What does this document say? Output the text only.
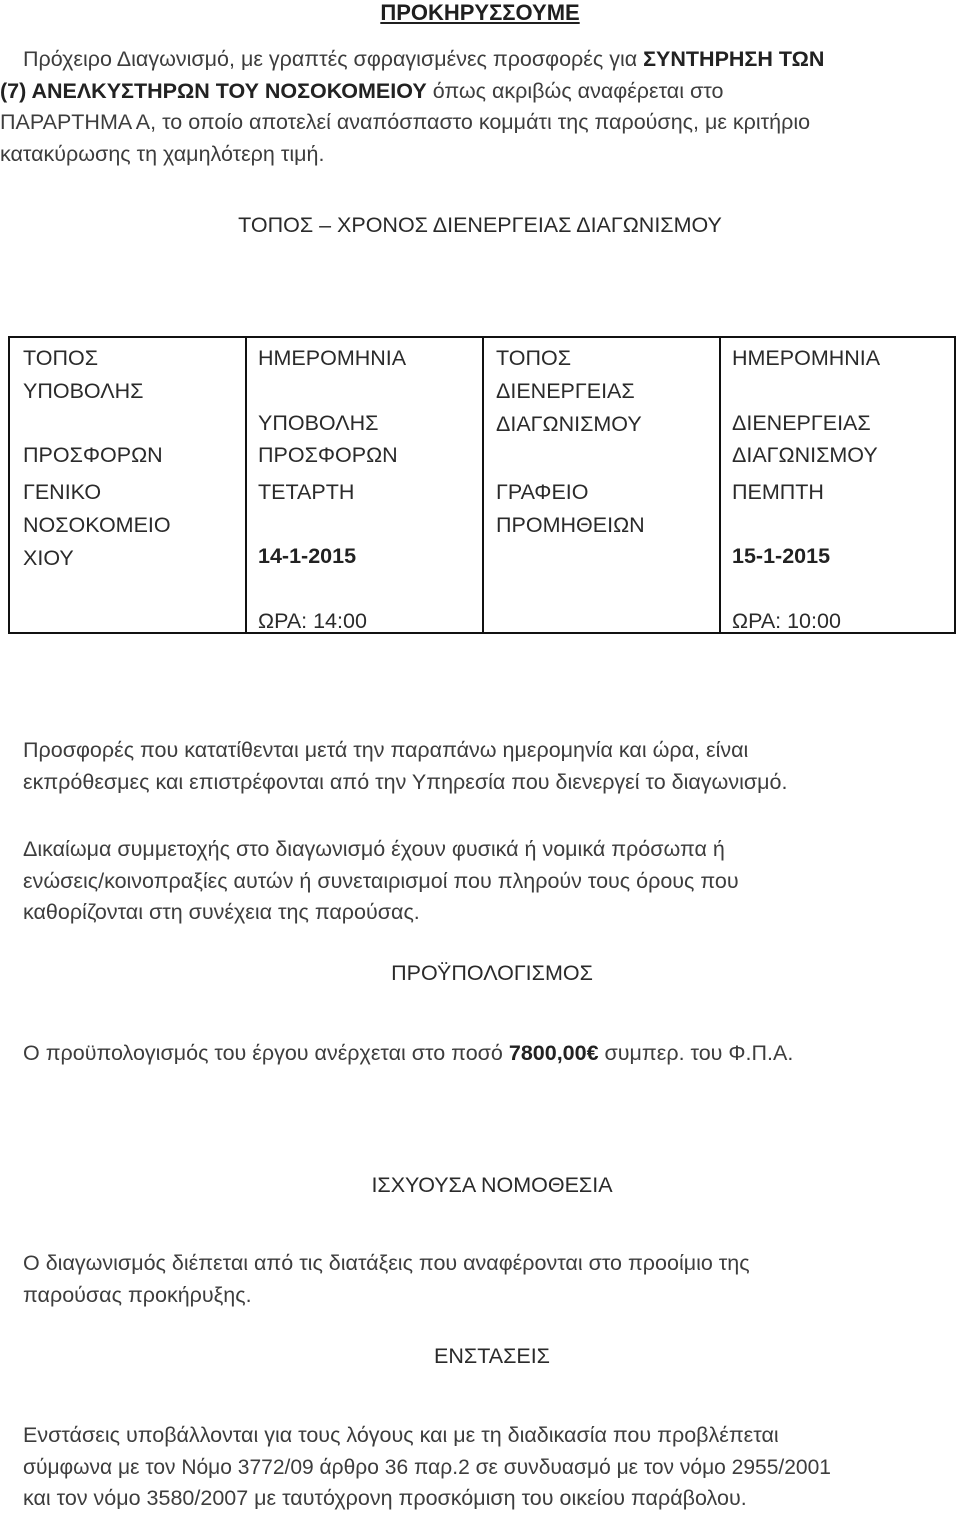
ΠΡΟΚΗΡΥΣΣΟΥΜΕ

Πρόχειρο Διαγωνισμό, με γραπτές σφραγισμένες προσφορές για ΣΥΝΤΗΡΗΣΗ ΤΩΝ
(7) ΑΝΕΛΚΥΣΤΗΡΩΝ ΤΟΥ ΝΟΣΟΚΟΜΕΙΟΥ όπως ακριβώς αναφέρεται στο
ΠΑΡΑΡΤΗΜΑ Α, το οποίο αποτελεί αναπόσπαστο κομμάτι της παρούσης, με κριτήριο
κατακύρωσης τη χαμηλότερη τιμή.

ΤΟΠΟΣ – ΧΡΟΝΟΣ ΔΙΕΝΕΡΓΕΙΑΣ ΔΙΑΓΩΝΙΣΜΟΥ

ΤΟΠΟΣ
ΥΠΟΒΟΛΗΣ
ΠΡΟΣΦΟΡΩΝ
ΓΕΝΙΚΟ
ΝΟΣΟΚΟΜΕΙΟ
ΧΙΟΥ
ΗΜΕΡΟΜΗΝΙΑ
ΥΠΟΒΟΛΗΣ
ΠΡΟΣΦΟΡΩΝ
ΤΕΤΑΡΤΗ
14-1-2015
ΩΡΑ: 14:00
ΤΟΠΟΣ
ΔΙΕΝΕΡΓΕΙΑΣ
ΔΙΑΓΩΝΙΣΜΟΥ
ΓΡΑΦΕΙΟ
ΠΡΟΜΗΘΕΙΩΝ
ΗΜΕΡΟΜΗΝΙΑ
ΔΙΕΝΕΡΓΕΙΑΣ
ΔΙΑΓΩΝΙΣΜΟΥ
ΠΕΜΠΤΗ
15-1-2015
ΩΡΑ: 10:00
Προσφορές που κατατίθενται μετά την παραπάνω ημερομηνία και ώρα, είναι
εκπρόθεσμες και επιστρέφονται από την Υπηρεσία που διενεργεί το διαγωνισμό.
Δικαίωμα συμμετοχής στο διαγωνισμό έχουν φυσικά ή νομικά πρόσωπα ή
ενώσεις/κοινοπραξίες αυτών ή συνεταιρισμοί που πληρούν τους όρους που
καθορίζονται στη συνέχεια της παρούσας.

ΠΡΟΫΠΟΛΟΓΙΣΜΟΣ

Ο προϋπολογισμός του έργου ανέρχεται στο ποσό 7800,00€ συμπερ. του Φ.Π.Α.

ΙΣΧΥΟΥΣΑ ΝΟΜΟΘΕΣΙΑ

Ο διαγωνισμός διέπεται από τις διατάξεις που αναφέρονται στο προοίμιο της
παρούσας προκήρυξης.

ΕΝΣΤΑΣΕΙΣ

Ενστάσεις υποβάλλονται για τους λόγους και με τη διαδικασία που προβλέπεται
σύμφωνα με τον Νόμο 3772/09 άρθρο 36 παρ.2 σε συνδυασμό με τον νόμο 2955/2001
και τον νόμο 3580/2007 με ταυτόχρονη προσκόμιση του οικείου παράβολου.
